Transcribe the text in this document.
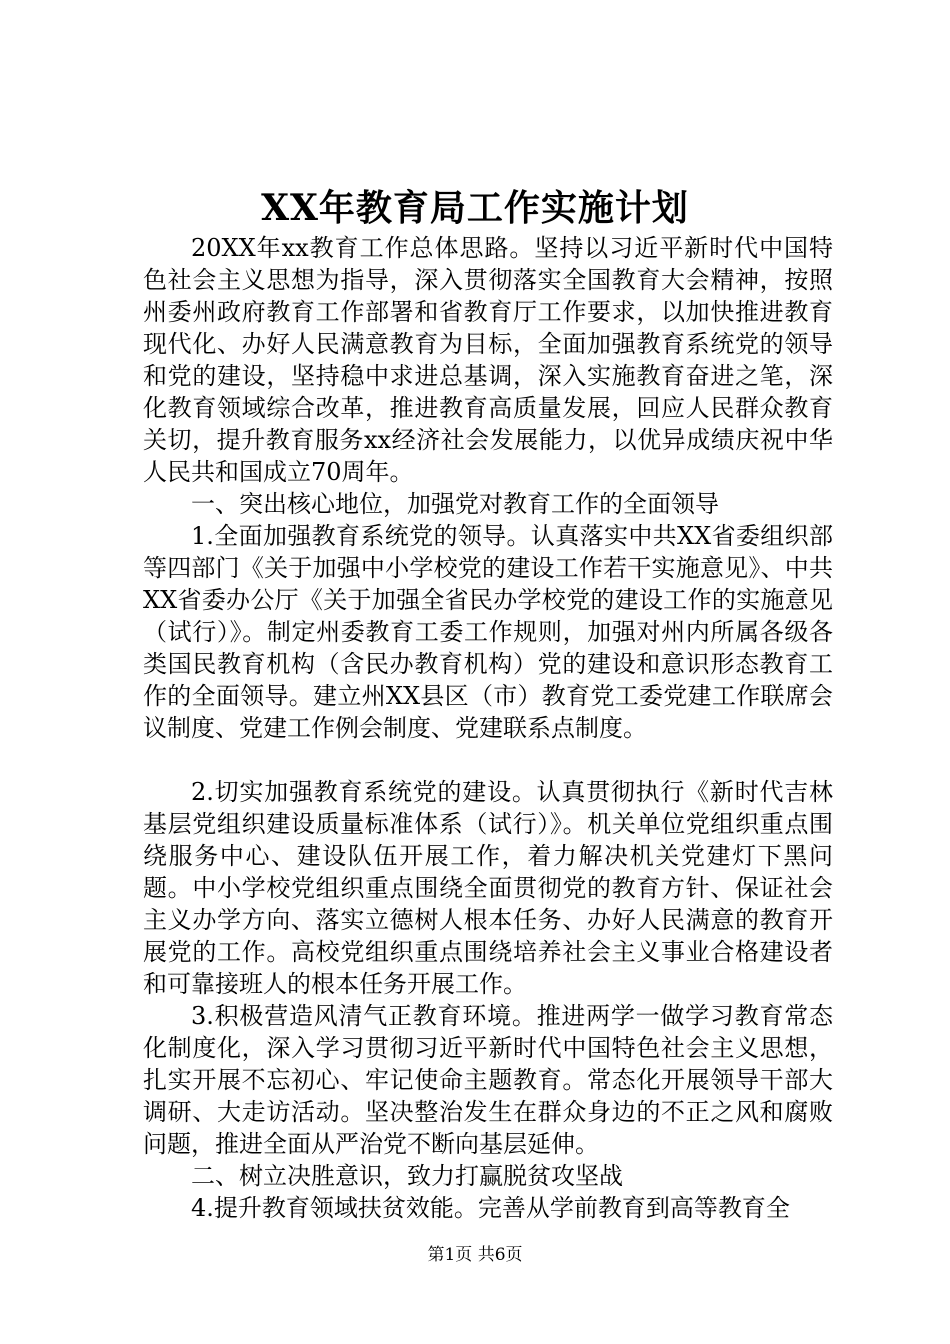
XX年教育局工作实施计划

20XX年xx教育工作总体思路。坚持以习近平新时代中国特色社会主义思想为指导，深入贯彻落实全国教育大会精神，按照州委州政府教育工作部署和省教育厅工作要求，以加快推进教育现代化、办好人民满意教育为目标，全面加强教育系统党的领导和党的建设，坚持稳中求进总基调，深入实施教育奋进之笔，深化教育领域综合改革，推进教育高质量发展，回应人民群众教育关切，提升教育服务xx经济社会发展能力，以优异成绩庆祝中华人民共和国成立70周年。

一、突出核心地位，加强党对教育工作的全面领导

1.全面加强教育系统党的领导。认真落实中共XX省委组织部等四部门《关于加强中小学校党的建设工作若干实施意见》、中共XX省委办公厅《关于加强全省民办学校党的建设工作的实施意见（试行）》。制定州委教育工委工作规则，加强对州内所属各级各类国民教育机构（含民办教育机构）党的建设和意识形态教育工作的全面领导。建立州XX县区（市）教育党工委党建工作联席会议制度、党建工作例会制度、党建联系点制度。

2.切实加强教育系统党的建设。认真贯彻执行《新时代吉林基层党组织建设质量标准体系（试行）》。机关单位党组织重点围绕服务中心、建设队伍开展工作，着力解决机关党建灯下黑问题。中小学校党组织重点围绕全面贯彻党的教育方针、保证社会主义办学方向、落实立德树人根本任务、办好人民满意的教育开展党的工作。高校党组织重点围绕培养社会主义事业合格建设者和可靠接班人的根本任务开展工作。

3.积极营造风清气正教育环境。推进两学一做学习教育常态化制度化，深入学习贯彻习近平新时代中国特色社会主义思想，扎实开展不忘初心、牢记使命主题教育。常态化开展领导干部大调研、大走访活动。坚决整治发生在群众身边的不正之风和腐败问题，推进全面从严治党不断向基层延伸。

二、树立决胜意识，致力打赢脱贫攻坚战

4.提升教育领域扶贫效能。完善从学前教育到高等教育全

第1页 共6页
